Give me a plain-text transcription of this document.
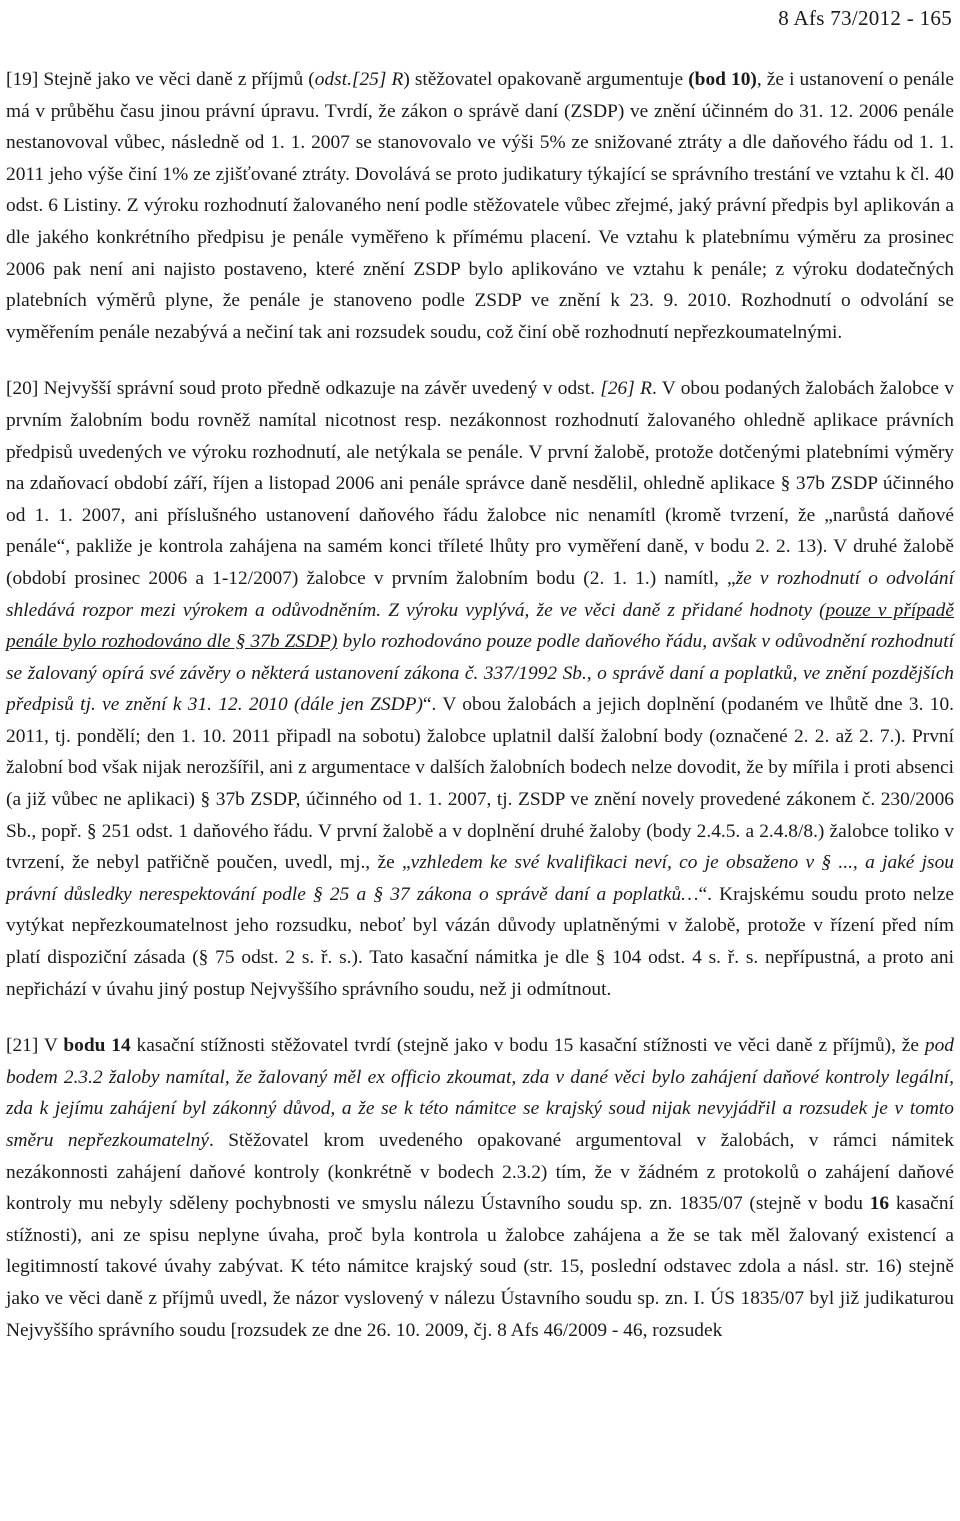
8 Afs 73/2012 - 165

[19] Stejně jako ve věci daně z příjmů (odst.[25] R) stěžovatel opakovaně argumentuje (bod 10), že i ustanovení o penále má v průběhu času jinou právní úpravu. Tvrdí, že zákon o správě daní (ZSDP) ve znění účinném do 31. 12. 2006 penále nestanovoval vůbec, následně od 1. 1. 2007 se stanovovalo ve výši 5% ze snižované ztráty a dle daňového řádu od 1. 1. 2011 jeho výše činí 1% ze zjišťované ztráty. Dovolává se proto judikatury týkající se správního trestání ve vztahu k čl. 40 odst. 6 Listiny. Z výroku rozhodnutí žalovaného není podle stěžovatele vůbec zřejmé, jaký právní předpis byl aplikován a dle jakého konkrétního předpisu je penále vyměřeno k přímému placení. Ve vztahu k platebnímu výměru za prosinec 2006 pak není ani najisto postaveno, které znění ZSDP bylo aplikováno ve vztahu k penále; z výroku dodatečných platebních výměrů plyne, že penále je stanoveno podle ZSDP ve znění k 23. 9. 2010. Rozhodnutí o odvolání se vyměřením penále nezabývá a nečiní tak ani rozsudek soudu, což činí obě rozhodnutí nepřezkoumatelnými.

[20] Nejvyšší správní soud proto předně odkazuje na závěr uvedený v odst. [26] R. V obou podaných žalobách žalobce v prvním žalobním bodu rovněž namítal nicotnost resp. nezákonnost rozhodnutí žalovaného ohledně aplikace právních předpisů uvedených ve výroku rozhodnutí, ale netýkala se penále. V první žalobě, protože dotčenými platebními výměry na zdaňovací období září, říjen a listopad 2006 ani penále správce daně nesdělil, ohledně aplikace § 37b ZSDP účinného od 1. 1. 2007, ani příslušného ustanovení daňového řádu žalobce nic nenamítl (kromě tvrzení, že „narůstá daňové penále“, pakliže je kontrola zahájena na samém konci tříleté lhůty pro vyměření daně, v bodu 2. 2. 13). V druhé žalobě (období prosinec 2006 a 1-12/2007) žalobce v prvním žalobním bodu (2. 1. 1.) namítl, „že v rozhodnutí o odvolání shledává rozpor mezi výrokem a odůvodněním. Z výroku vyplývá, že ve věci daně z přidané hodnoty (pouze v případě penále bylo rozhodováno dle § 37b ZSDP) bylo rozhodováno pouze podle daňového řádu, avšak v odůvodnění rozhodnutí se žalovaný opírá své závěry o některá ustanovení zákona č. 337/1992 Sb., o správě daní a poplatků, ve znění pozdějších předpisů tj. ve znění k 31. 12. 2010 (dále jen ZSDP)“. V obou žalobách a jejich doplnění (podaném ve lhůtě dne 3. 10. 2011, tj. pondělí; den 1. 10. 2011 připadl na sobotu) žalobce uplatnil další žalobní body (označené 2. 2. až 2. 7.). První žalobní bod však nijak nerozšířil, ani z argumentace v dalších žalobních bodech nelze dovodit, že by mířila i proti absenci (a již vůbec ne aplikaci) § 37b ZSDP, účinného od 1. 1. 2007, tj. ZSDP ve znění novely provedené zákonem č. 230/2006 Sb., popř. § 251 odst. 1 daňového řádu. V první žalobě a v doplnění druhé žaloby (body 2.4.5. a 2.4.8/8.) žalobce toliko v tvrzení, že nebyl patřičně poučen, uvedl, mj., že „vzhledem ke své kvalifikaci neví, co je obsaženo v § ..., a jaké jsou právní důsledky nerespektování podle § 25 a § 37 zákona o správě daní a poplatků…“. Krajskému soudu proto nelze vytýkat nepřezkoumatelnost jeho rozsudku, neboť byl vázán důvody uplatněnými v žalobě, protože v řízení před ním platí dispoziční zásada (§ 75 odst. 2 s. ř. s.). Tato kasační námitka je dle § 104 odst. 4 s. ř. s. nepřípustná, a proto ani nepřichází v úvahu jiný postup Nejvyššího správního soudu, než ji odmítnout.

[21] V bodu 14 kasační stížnosti stěžovatel tvrdí (stejně jako v bodu 15 kasační stížnosti ve věci daně z příjmů), že pod bodem 2.3.2 žaloby namítal, že žalovaný měl ex officio zkoumat, zda v dané věci bylo zahájení daňové kontroly legální, zda k jejímu zahájení byl zákonný důvod, a že se k této námitce se krajský soud nijak nevyjádřil a rozsudek je v tomto směru nepřezkoumatelný. Stěžovatel krom uvedeného opakované argumentoval v žalobách, v rámci námitek nezákonnosti zahájení daňové kontroly (konkrétně v bodech 2.3.2) tím, že v žádném z protokolů o zahájení daňové kontroly mu nebyly sděleny pochybnosti ve smyslu nálezu Ústavního soudu sp. zn. 1835/07 (stejně v bodu 16 kasační stížnosti), ani ze spisu neplyne úvaha, proč byla kontrola u žalobce zahájena a že se tak měl žalovaný existencí a legitimností takové úvahy zabývat. K této námitce krajský soud (str. 15, poslední odstavec zdola a násl. str. 16) stejně jako ve věci daně z příjmů uvedl, že názor vyslovený v nálezu Ústavního soudu sp. zn. I. ÚS 1835/07 byl již judikaturou Nejvyššího správního soudu [rozsudek ze dne 26. 10. 2009, čj. 8 Afs 46/2009 - 46, rozsudek
